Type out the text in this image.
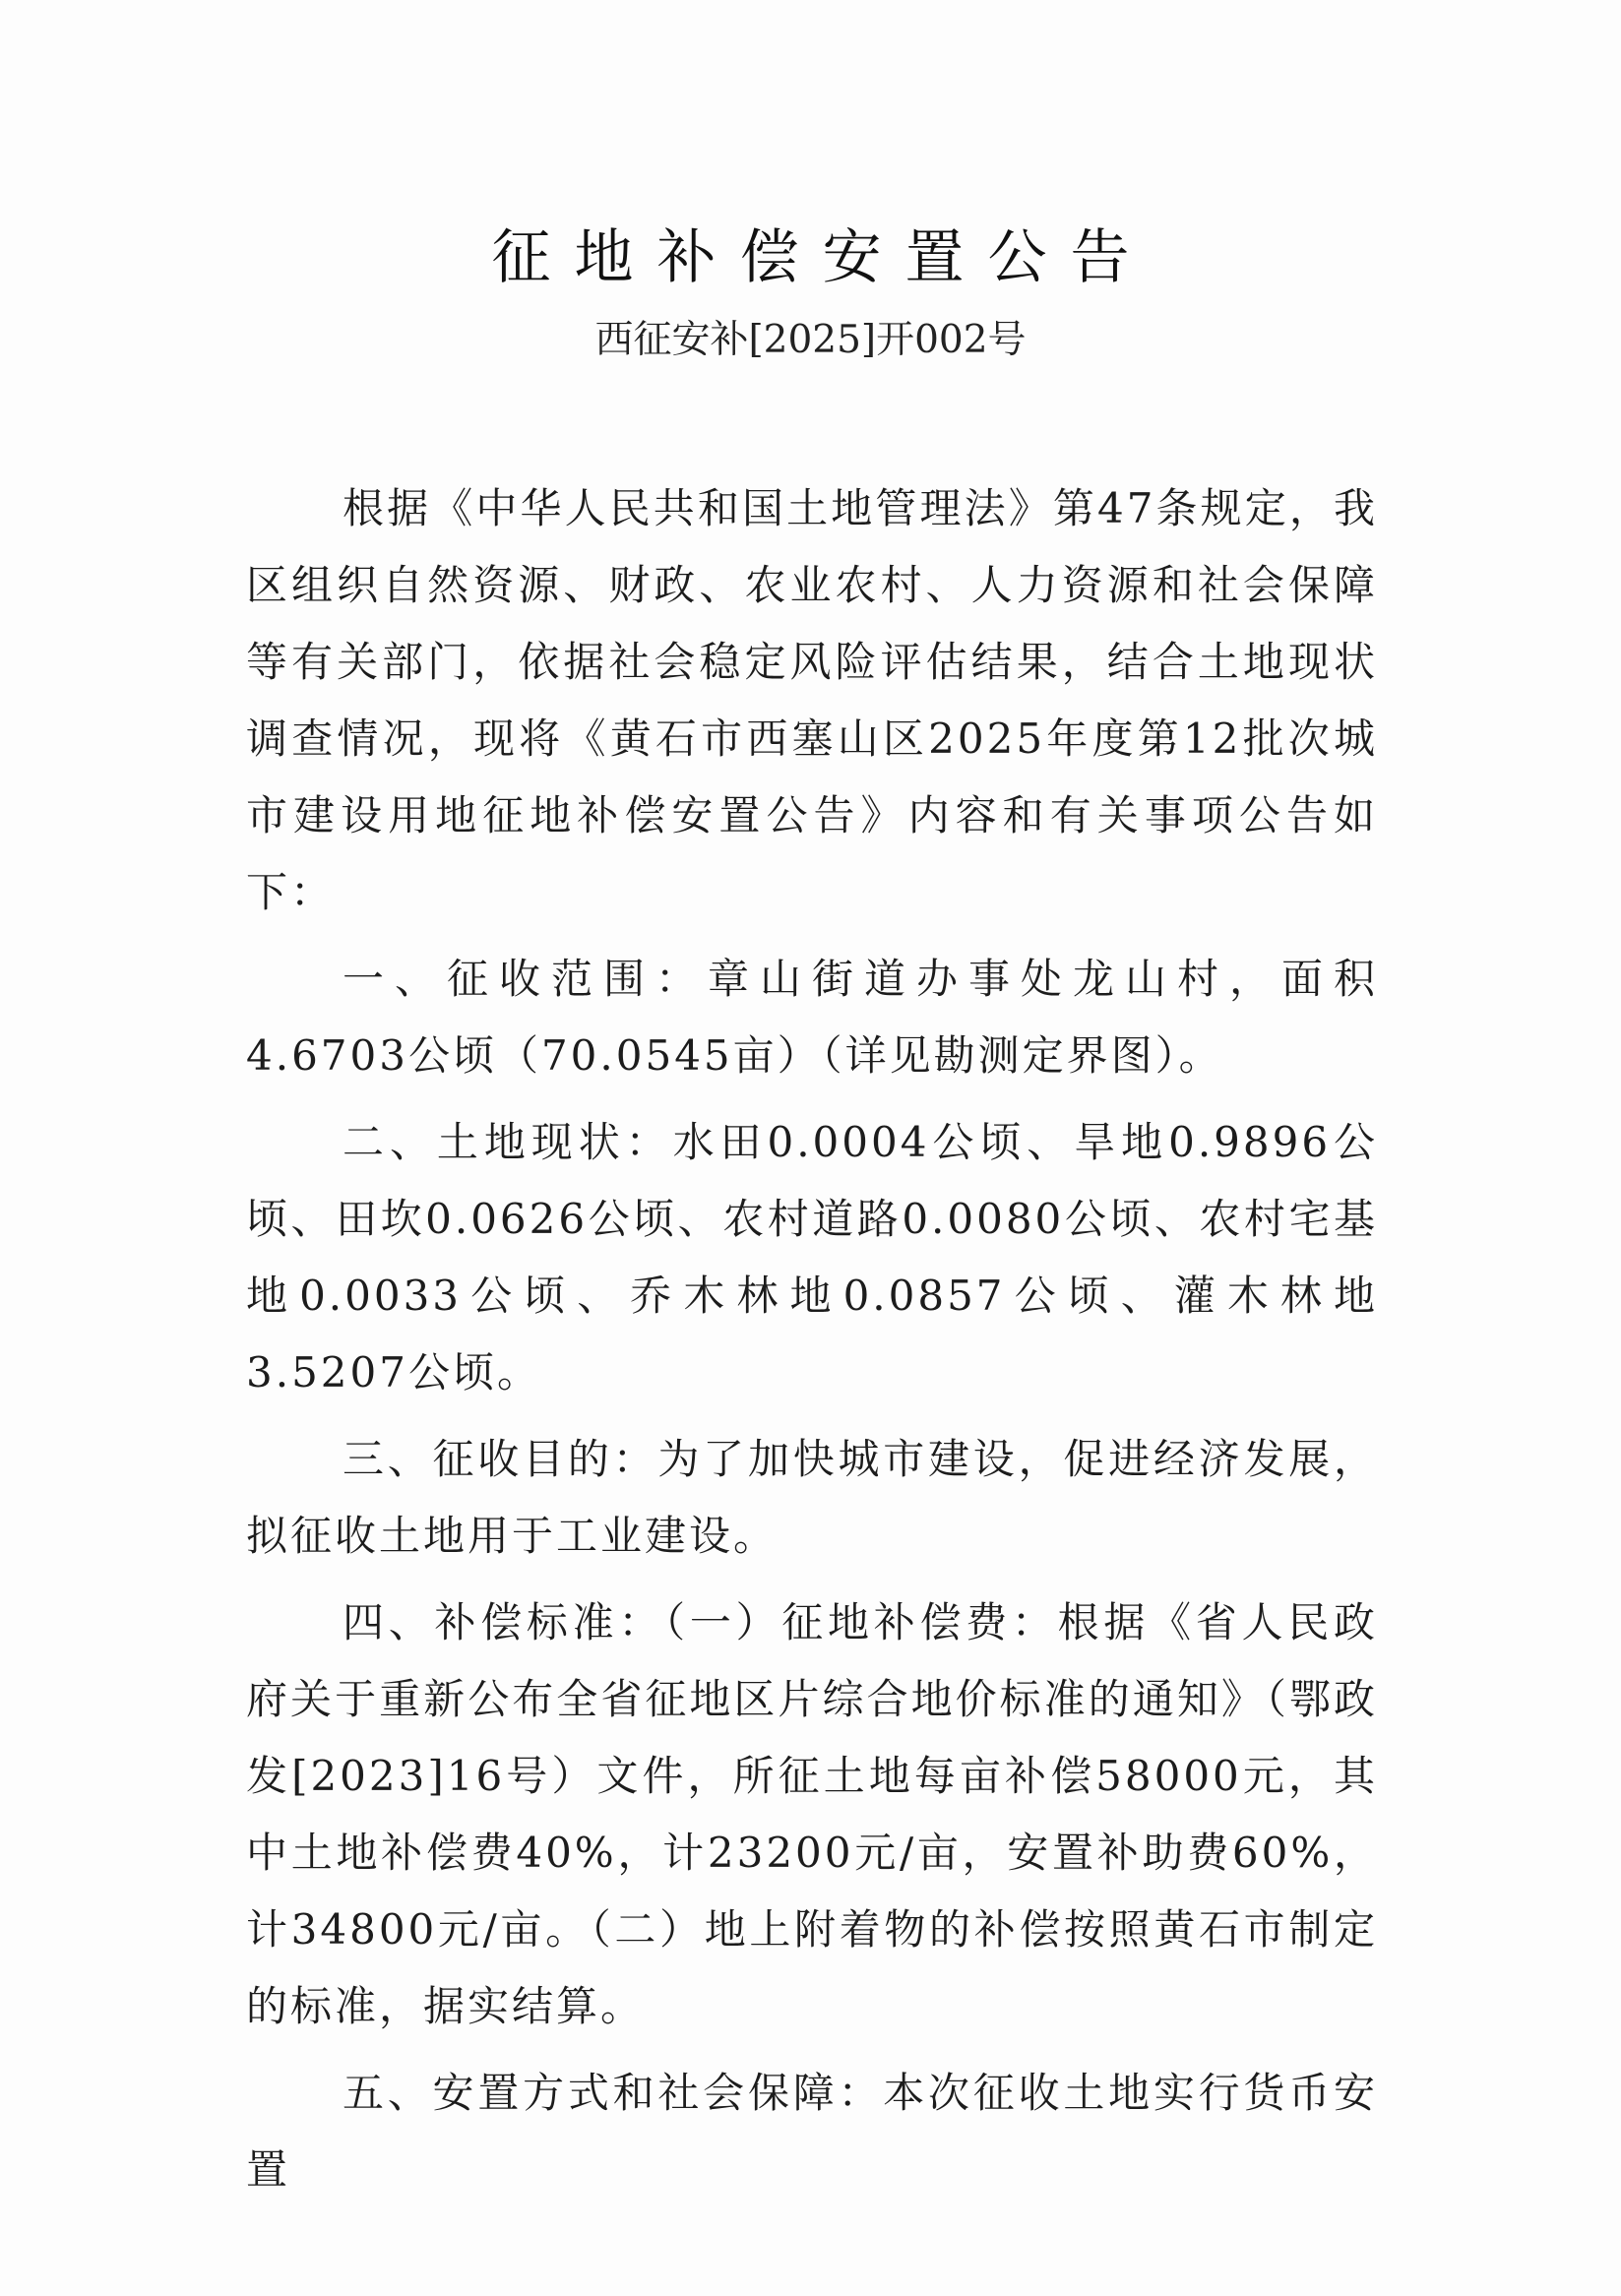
征地补偿安置公告
西征安补[2025]开002号

根据《中华人民共和国土地管理法》第47条规定，我区组织自然资源、财政、农业农村、人力资源和社会保障等有关部门，依据社会稳定风险评估结果，结合土地现状调查情况，现将《黄石市西塞山区2025年度第12批次城市建设用地征地补偿安置公告》内容和有关事项公告如下：

一、征收范围：章山街道办事处龙山村，面积4.6703公顷（70.0545亩）（详见勘测定界图）。

二、土地现状：水田0.0004公顷、旱地0.9896公顷、田坎0.0626公顷、农村道路0.0080公顷、农村宅基地0.0033公顷、乔木林地0.0857公顷、灌木林地3.5207公顷。

三、征收目的：为了加快城市建设，促进经济发展，拟征收土地用于工业建设。

四、补偿标准：（一）征地补偿费：根据《省人民政府关于重新公布全省征地区片综合地价标准的通知》（鄂政发[2023]16号）文件，所征土地每亩补偿58000元，其中土地补偿费40%，计23200元/亩，安置补助费60%，计34800元/亩。（二）地上附着物的补偿按照黄石市制定的标准，据实结算。

五、安置方式和社会保障：本次征收土地实行货币安置
